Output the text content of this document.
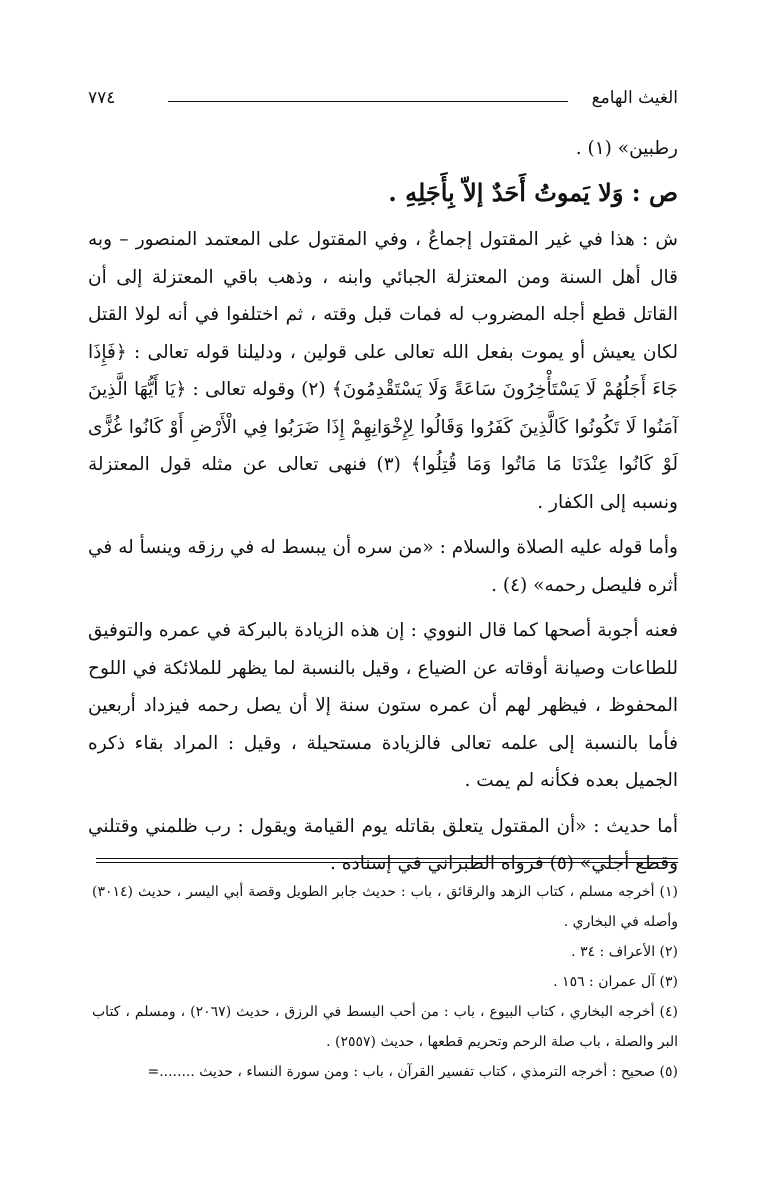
الغيث الهامع
٧٧٤

رطبين» (١) .

ص : وَلا يَموتُ أَحَدٌ إلاّ بِأَجَلِهِ .

ش : هذا في غير المقتول إجماعٌ ، وفي المقتول على المعتمد المنصور – وبه قال أهل السنة ومن المعتزلة الجبائي وابنه ، وذهب باقي المعتزلة إلى أن القاتل قطع أجله المضروب له فمات قبل وقته ، ثم اختلفوا في أنه لولا القتل لكان يعيش أو يموت بفعل الله تعالى على قولين ، ودليلنا قوله تعالى : ﴿فَإِذَا جَاءَ أَجَلُهُمْ لَا يَسْتَأْخِرُونَ سَاعَةً وَلَا يَسْتَقْدِمُونَ﴾ (٢) وقوله تعالى : ﴿يَا أَيُّهَا الَّذِينَ آمَنُوا لَا تَكُونُوا كَالَّذِينَ كَفَرُوا وَقَالُوا لِإِخْوَانِهِمْ إِذَا ضَرَبُوا فِي الْأَرْضِ أَوْ كَانُوا غُزًّى لَوْ كَانُوا عِنْدَنَا مَا مَاتُوا وَمَا قُتِلُوا﴾ (٣) فنهى تعالى عن مثله قول المعتزلة ونسبه إلى الكفار .

وأما قوله عليه الصلاة والسلام : «من سره أن يبسط له في رزقه وينسأ له في أثره فليصل رحمه» (٤) .

فعنه أجوبة أصحها كما قال النووي : إن هذه الزيادة بالبركة في عمره والتوفيق للطاعات وصيانة أوقاته عن الضياع ، وقيل بالنسبة لما يظهر للملائكة في اللوح المحفوظ ، فيظهر لهم أن عمره ستون سنة إلا أن يصل رحمه فيزداد أربعين فأما بالنسبة إلى علمه تعالى فالزيادة مستحيلة ، وقيل : المراد بقاء ذكره الجميل بعده فكأنه لم يمت .

أما حديث : «أن المقتول يتعلق بقاتله يوم القيامة ويقول : رب ظلمني وقتلني وقطع أجلي» (٥) فرواه الطبراني في إسناده .

(١) أخرجه مسلم ، كتاب الزهد والرقائق ، باب : حديث جابر الطويل وقصة أبي اليسر ، حديث (٣٠١٤) وأصله في البخاري .

(٢) الأعراف : ٣٤ .

(٣) آل عمران : ١٥٦ .

(٤) أخرجه البخاري ، كتاب البيوع ، باب : من أحب البسط في الرزق ، حديث (٢٠٦٧) ، ومسلم ، كتاب البر والصلة ، باب صلة الرحم وتحريم قطعها ، حديث (٢٥٥٧) .

(٥) صحيح : أخرجه الترمذي ، كتاب تفسير القرآن ، باب : ومن سورة النساء ، حديث ........=
